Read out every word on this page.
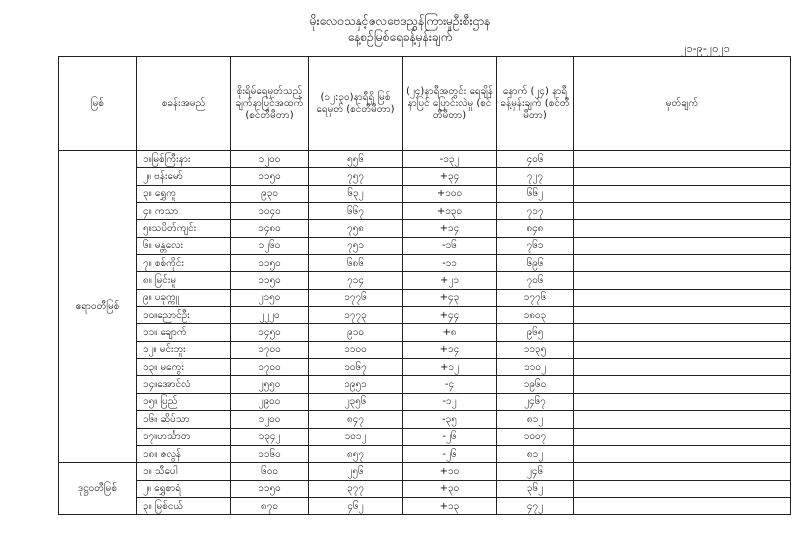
မိုးလေဝသနှင့်ဇလဗေဒညွှန်ကြားမှုဦးစီးဌာန
နေ့စဉ်မြစ်ရေခန့်မှန်းချက်
၂၁-၉-၂၀၂၁
မြစ်	စခန်းအမည်	စိုးရိမ်ရေမှတ်သည့် ချက်နာပြင်အထက် (စင်တီမီတာ)	(၁၂:၃၀)နာရီရှိ မြစ်ရေမှတ် (စင်တီမီတာ)	(၂၄)နာရီအတွင်း ရေချိန်နာပြင် ပြောင်းလဲမှု (စင်တီမီတာ)	နောက် (၂၄) နာရီ ခန့်မှန်းချက် (စင်တီမီတာ)	မှတ်ချက်
ဧရာဝတီမြစ်	၁။မြစ်ကြီးနား	၁၂၀၀	၅၅၆	-၁၃၂	၄၀၆	
	၂။ ဗန်းမော်	၁၁၅၀	၇၅၇	+၃၄	၇၂၇	
	၃။ ရွှေကူ	၉၃၀	၆၃၂	+၁၀၀	၆၆၂	
	၄။ ကသာ	၁၀၄၀	၆၆၇	+၁၃၀	၇၁၇	
	၅။သပိတ်ကျင်း	၁၄၈၀	၇၅၈	+၁၄	၈၄၈	
	၆။ မန္တလေး	၁၂၆၀	၇၅၁	-၁၆	၇၆၁	
	၇။ စစ်ကိုင်း	၁၁၅၀	၆၈၆	-၁၁	၆၉၆	
	၈။ မြင်းမူ	၁၁၅၀	၇၁၄	+၂၁	၇၀၆	
	၉။ ပခုက္ကူ	၂၁၅၀	၁၇၇၆	+၄၃	၁၇၇၆	
	၁၀။ညောင်ဦး	၂၂၂၀	၁၇၇၃	+၄၄	၁၈၀၃	
	၁၁။ ချောက်	၁၄၅၀	၉၁၀	+၈	၉၆၅	
	၁၂။ မင်းဘူး	၁၇၀၀	၁၁၀၀	+၁၄	၁၁၃၅	
	၁၃။ မကွေး	၁၇၀၀	၁၀၆၇	+၁၂	၁၁၀၂	
	၁၄။အောင်လံ	၂၅၅၀	၁၉၅၁	-၄	၁၉၆၀	
	၁၅။ ပြည်	၂၉၀၀	၂၃၅၆	-၁၂	၂၄၆၇	
	၁၆။ ဆိပ်သာ	၁၂၀၀	၈၄၇	-၃၅	၈၁၂	
	၁၇။ဟင်္သာတ	၁၃၄၂	၁၀၁၂	-၂၆	၁၀၀၇	
	၁၈။ ဇလွန်	၁၁၆၀	၈၅၇	-၂၆	၈၁၂	
ဒုဋ္ဌဝတီမြစ်	၁။ သီပေါ	၆၀၀	၂၅၆	+၁၀	၂၄၆	
	၂။ ရွှေစာရံ	၁၁၅၀	၃၇၇	+၃၀	၃၆၂	
	၃။ မြစ်ငယ်	၈၇၀	၄၆၂	+၁၃	၄၇၂	
